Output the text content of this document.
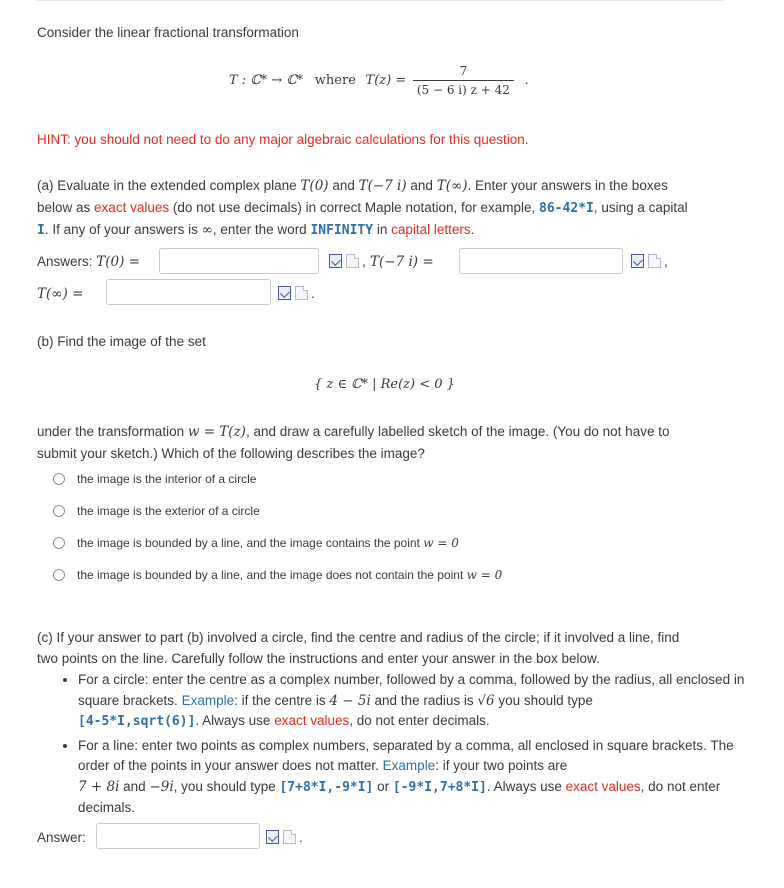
Consider the linear fractional transformation
T : ℂ* → ℂ* where $T(z) = \frac{7}{(5 - 6 i) z + 42}$ .
HINT: you should not need to do any major algebraic calculations for this question.
(a) Evaluate in the extended complex plane T(0) and T(−7 i) and T(∞). Enter your answers in the boxes
below as exact values (do not use decimals) in correct Maple notation, for example, 86-42*I, using a capital
I. If any of your answers is ∞, enter the word INFINITY in capital letters.
Answers: T(0) =	, T(−7 i) =	,
T(∞) =	.
(b) Find the image of the set
{ z ∈ ℂ* | Re(z) < 0 }
under the transformation w = T(z), and draw a carefully labelled sketch of the image. (You do not have to
submit your sketch.) Which of the following describes the image?
the image is the interior of a circle
the image is the exterior of a circle
the image is bounded by a line, and the image contains the point w = 0
the image is bounded by a line, and the image does not contain the point w = 0
(c) If your answer to part (b) involved a circle, find the centre and radius of the circle; if it involved a line, find
two points on the line. Carefully follow the instructions and enter your answer in the box below.
• For a circle: enter the centre as a complex number, followed by a comma, followed by the radius, all enclosed in square brackets. Example: if the centre is 4 − 5i and the radius is √6 you should type
[4-5*I,sqrt(6)]. Always use exact values, do not enter decimals.
• For a line: enter two points as complex numbers, separated by a comma, all enclosed in square brackets. The order of the points in your answer does not matter. Example: if your two points are
7 + 8i and −9i, you should type [7+8*I,-9*I] or [-9*I,7+8*I]. Always use exact values, do not enter decimals.
Answer:	.
